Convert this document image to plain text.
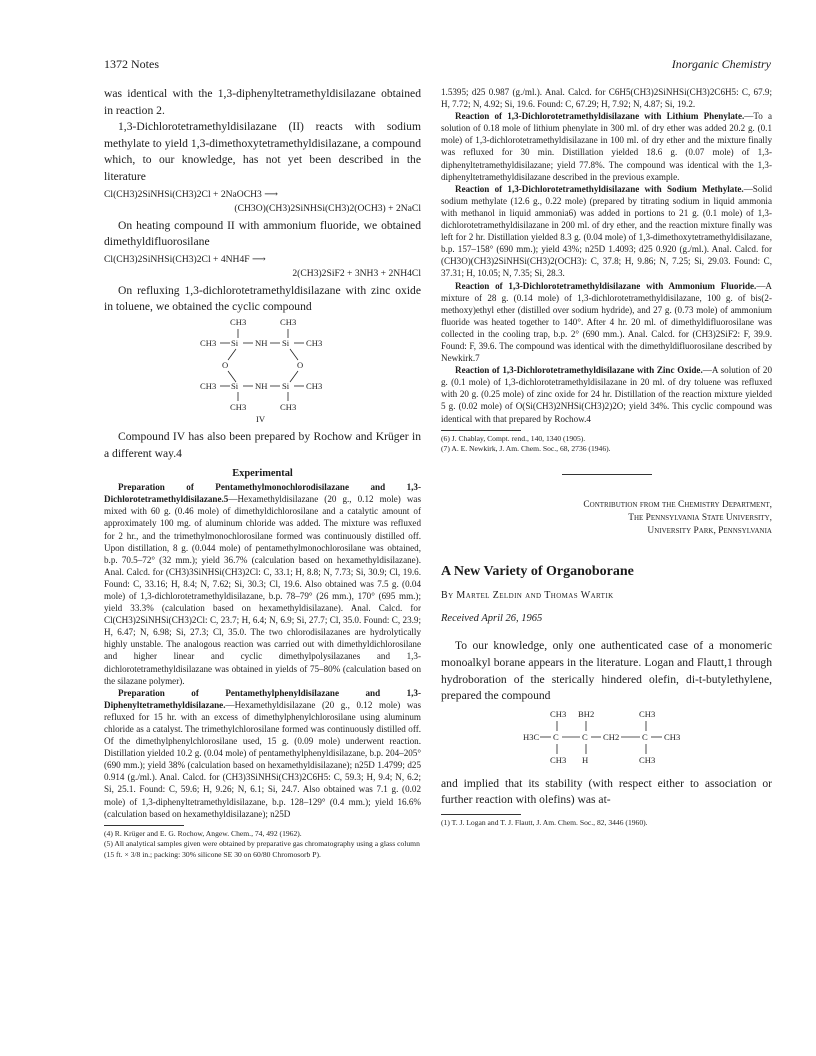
1372 Notes	Inorganic Chemistry

was identical with the 1,3-diphenyltetramethyldisilazane obtained in reaction 2.

1,3-Dichlorotetramethyldisilazane (II) reacts with sodium methylate to yield 1,3-dimethoxytetramethyldisilazane, a compound which, to our knowledge, has not yet been described in the literature

Cl(CH3)2SiNHSi(CH3)2Cl + 2NaOCH3 ⟶
(CH3O)(CH3)2SiNHSi(CH3)2(OCH3) + 2NaCl

On heating compound II with ammonium fluoride, we obtained dimethyldifluorosilane

Cl(CH3)2SiNHSi(CH3)2Cl + 4NH4F ⟶
2(CH3)2SiF2 + 3NH3 + 2NH4Cl

On refluxing 1,3-dichlorotetramethyldisilazane with zinc oxide in toluene, we obtained the cyclic compound

CH3	CH3
CH3 Si NH Si CH3
O	O
CH3 Si NH Si CH3
CH3	CH3
IV

Compound IV has also been prepared by Rochow and Krüger in a different way.4

Experimental

Preparation of Pentamethylmonochlorodisilazane and 1,3-Dichlorotetramethyldisilazane.5—Hexamethyldisilazane (20 g., 0.12 mole) was mixed with 60 g. (0.46 mole) of dimethyldichlorosilane and a catalytic amount of approximately 100 mg. of aluminum chloride was added. The mixture was refluxed for 2 hr., and the trimethylmonochlorosilane formed was continuously distilled off. Upon distillation, 8 g. (0.044 mole) of pentamethylmonochlorosilane was obtained, b.p. 70.5–72° (32 mm.); yield 36.7% (calculation based on hexamethyldisilazane). Anal. Calcd. for (CH3)3SiNHSi(CH3)2Cl: C, 33.1; H, 8.8; N, 7.73; Si, 30.9; Cl, 19.6. Found: C, 33.16; H, 8.4; N, 7.62; Si, 30.3; Cl, 19.6. Also obtained was 7.5 g. (0.04 mole) of 1,3-dichlorotetramethyldisilazane, b.p. 78–79° (26 mm.), 170° (695 mm.); yield 33.3% (calculation based on hexamethyldisilazane). Anal. Calcd. for Cl(CH3)2SiNHSi(CH3)2Cl: C, 23.7; H, 6.4; N, 6.9; Si, 27.7; Cl, 35.0. Found: C, 23.9; H, 6.47; N, 6.98; Si, 27.3; Cl, 35.0. The two chlorodisilazanes are hydrolytically highly unstable. The analogous reaction was carried out with dimethyldichlorosilane and higher linear and cyclic dimethylpolysilazanes and 1,3-dichlorotetramethyldisilazane was obtained in yields of 75–80% (calculation based on the silazane polymer).

Preparation of Pentamethylphenyldisilazane and 1,3-Diphenyltetramethyldisilazane.—Hexamethyldisilazane (20 g., 0.12 mole) was refluxed for 15 hr. with an excess of dimethylphenylchlorosilane using aluminum chloride as a catalyst. The trimethylchlorosilane formed was continuously distilled off. Of the dimethylphenylchlorosilane used, 15 g. (0.09 mole) underwent reaction. Distillation yielded 10.2 g. (0.04 mole) of pentamethylphenyldisilazane, b.p. 204–205° (690 mm.); yield 38% (calculation based on hexamethyldisilazane); n25D 1.4799; d25 0.914 (g./ml.). Anal. Calcd. for (CH3)3SiNHSi(CH3)2C6H5: C, 59.3; H, 9.4; N, 6.2; Si, 25.1. Found: C, 59.6; H, 9.26; N, 6.1; Si, 24.7. Also obtained was 7.1 g. (0.02 mole) of 1,3-diphenyltetramethyldisilazane, b.p. 128–129° (0.4 mm.); yield 16.6% (calculation based on hexamethyldisilazane); n25D

(4) R. Krüger and E. G. Rochow, Angew. Chem., 74, 492 (1962).

(5) All analytical samples given were obtained by preparative gas chromatography using a glass column (15 ft. × 3/8 in.; packing: 30% silicone SE 30 on 60/80 Chromosorb P).

1.5395; d25 0.987 (g./ml.). Anal. Calcd. for C6H5(CH3)2SiNHSi(CH3)2C6H5: C, 67.9; H, 7.72; N, 4.92; Si, 19.6. Found: C, 67.29; H, 7.92; N, 4.87; Si, 19.2.

Reaction of 1,3-Dichlorotetramethyldisilazane with Lithium Phenylate.—To a solution of 0.18 mole of lithium phenylate in 300 ml. of dry ether was added 20.2 g. (0.1 mole) of 1,3-dichlorotetramethyldisilazane in 100 ml. of dry ether and the mixture finally was refluxed for 30 min. Distillation yielded 18.6 g. (0.07 mole) of 1,3-diphenyltetramethyldisilazane; yield 77.8%. The compound was identical with the 1,3-diphenyltetramethyldisilazane described in the previous example.

Reaction of 1,3-Dichlorotetramethyldisilazane with Sodium Methylate.—Solid sodium methylate (12.6 g., 0.22 mole) (prepared by titrating sodium in liquid ammonia with methanol in liquid ammonia6) was added in portions to 21 g. (0.1 mole) of 1,3-dichlorotetramethyldisilazane in 200 ml. of dry ether, and the reaction mixture finally was left for 2 hr. Distillation yielded 8.3 g. (0.04 mole) of 1,3-dimethoxytetramethyldisilazane, b.p. 157–158° (690 mm.); yield 43%; n25D 1.4093; d25 0.920 (g./ml.). Anal. Calcd. for (CH3O)(CH3)2SiNHSi(CH3)2(OCH3): C, 37.8; H, 9.86; N, 7.25; Si, 29.03. Found: C, 37.31; H, 10.05; N, 7.35; Si, 28.3.

Reaction of 1,3-Dichlorotetramethyldisilazane with Ammonium Fluoride.—A mixture of 28 g. (0.14 mole) of 1,3-dichlorotetramethyldisilazane, 100 g. of bis(2-methoxy)ethyl ether (distilled over sodium hydride), and 27 g. (0.73 mole) of ammonium fluoride was heated together to 140°. After 4 hr. 20 ml. of dimethyldifluorosilane was collected in the cooling trap, b.p. 2° (690 mm.). Anal. Calcd. for (CH3)2SiF2: F, 39.9. Found: F, 39.6. The compound was identical with the dimethyldifluorosilane described by Newkirk.7

Reaction of 1,3-Dichlorotetramethyldisilazane with Zinc Oxide.—A solution of 20 g. (0.1 mole) of 1,3-dichlorotetramethyldisilazane in 20 ml. of dry toluene was refluxed with 20 g. (0.25 mole) of zinc oxide for 24 hr. Distillation of the reaction mixture yielded 5 g. (0.02 mole) of O(Si(CH3)2NHSi(CH3)2)2O; yield 34%. This cyclic compound was identical with that prepared by Rochow.4

(6) J. Chablay, Compt. rend., 140, 1340 (1905).

(7) A. E. Newkirk, J. Am. Chem. Soc., 68, 2736 (1946).

Contribution from the Chemistry Department,

The Pennsylvania State University,

University Park, Pennsylvania

A New Variety of Organoborane
By Martel Zeldin and Thomas Wartik
Received April 26, 1965

To our knowledge, only one authenticated case of a monomeric monoalkyl borane appears in the literature. Logan and Flautt,1 through hydroboration of the sterically hindered olefin, di-t-butylethylene, prepared the compound

CH3 BH2	CH3
H3C C	C CH2	C CH3
CH3 H	CH3

and implied that its stability (with respect either to association or further reaction with olefins) was at-

(1) T. J. Logan and T. J. Flautt, J. Am. Chem. Soc., 82, 3446 (1960).
